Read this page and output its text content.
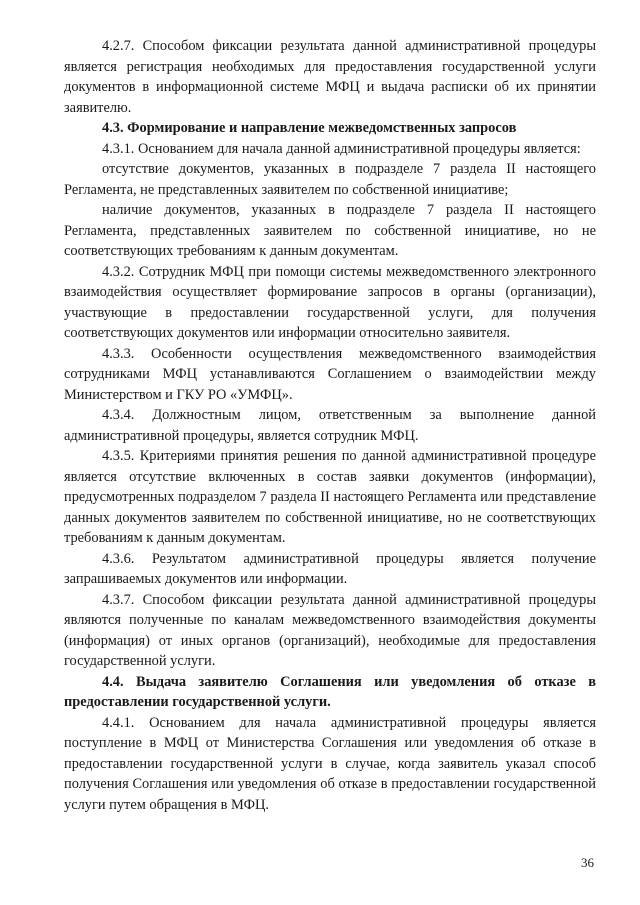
4.2.7. Способом фиксации результата данной административной процедуры является регистрация необходимых для предоставления государственной услуги документов в информационной системе МФЦ и выдача расписки об их принятии заявителю.

4.3. Формирование и направление межведомственных запросов

4.3.1. Основанием для начала данной административной процедуры является:

отсутствие документов, указанных в подразделе 7 раздела II настоящего Регламента, не представленных заявителем по собственной инициативе;

наличие документов, указанных в подразделе 7 раздела II настоящего Регламента, представленных заявителем по собственной инициативе, но не соответствующих требованиям к данным документам.

4.3.2. Сотрудник МФЦ при помощи системы межведомственного электронного взаимодействия осуществляет формирование запросов в органы (организации), участвующие в предоставлении государственной услуги, для получения соответствующих документов или информации относительно заявителя.

4.3.3. Особенности осуществления межведомственного взаимодействия сотрудниками МФЦ устанавливаются Соглашением о взаимодействии между Министерством и ГКУ РО «УМФЦ».

4.3.4. Должностным лицом, ответственным за выполнение данной административной процедуры, является сотрудник МФЦ.

4.3.5. Критериями принятия решения по данной административной процедуре является отсутствие включенных в состав заявки документов (информации), предусмотренных подразделом 7 раздела II настоящего Регламента или представление данных документов заявителем по собственной инициативе, но не соответствующих требованиям к данным документам.

4.3.6. Результатом административной процедуры является получение запрашиваемых документов или информации.

4.3.7. Способом фиксации результата данной административной процедуры являются полученные по каналам межведомственного взаимодействия документы (информация) от иных органов (организаций), необходимые для предоставления государственной услуги.

4.4. Выдача заявителю Соглашения или уведомления об отказе в предоставлении государственной услуги.

4.4.1. Основанием для начала административной процедуры является поступление в МФЦ от Министерства Соглашения или уведомления об отказе в предоставлении государственной услуги в случае, когда заявитель указал способ получения Соглашения или уведомления об отказе в предоставлении государственной услуги путем обращения в МФЦ.

36
